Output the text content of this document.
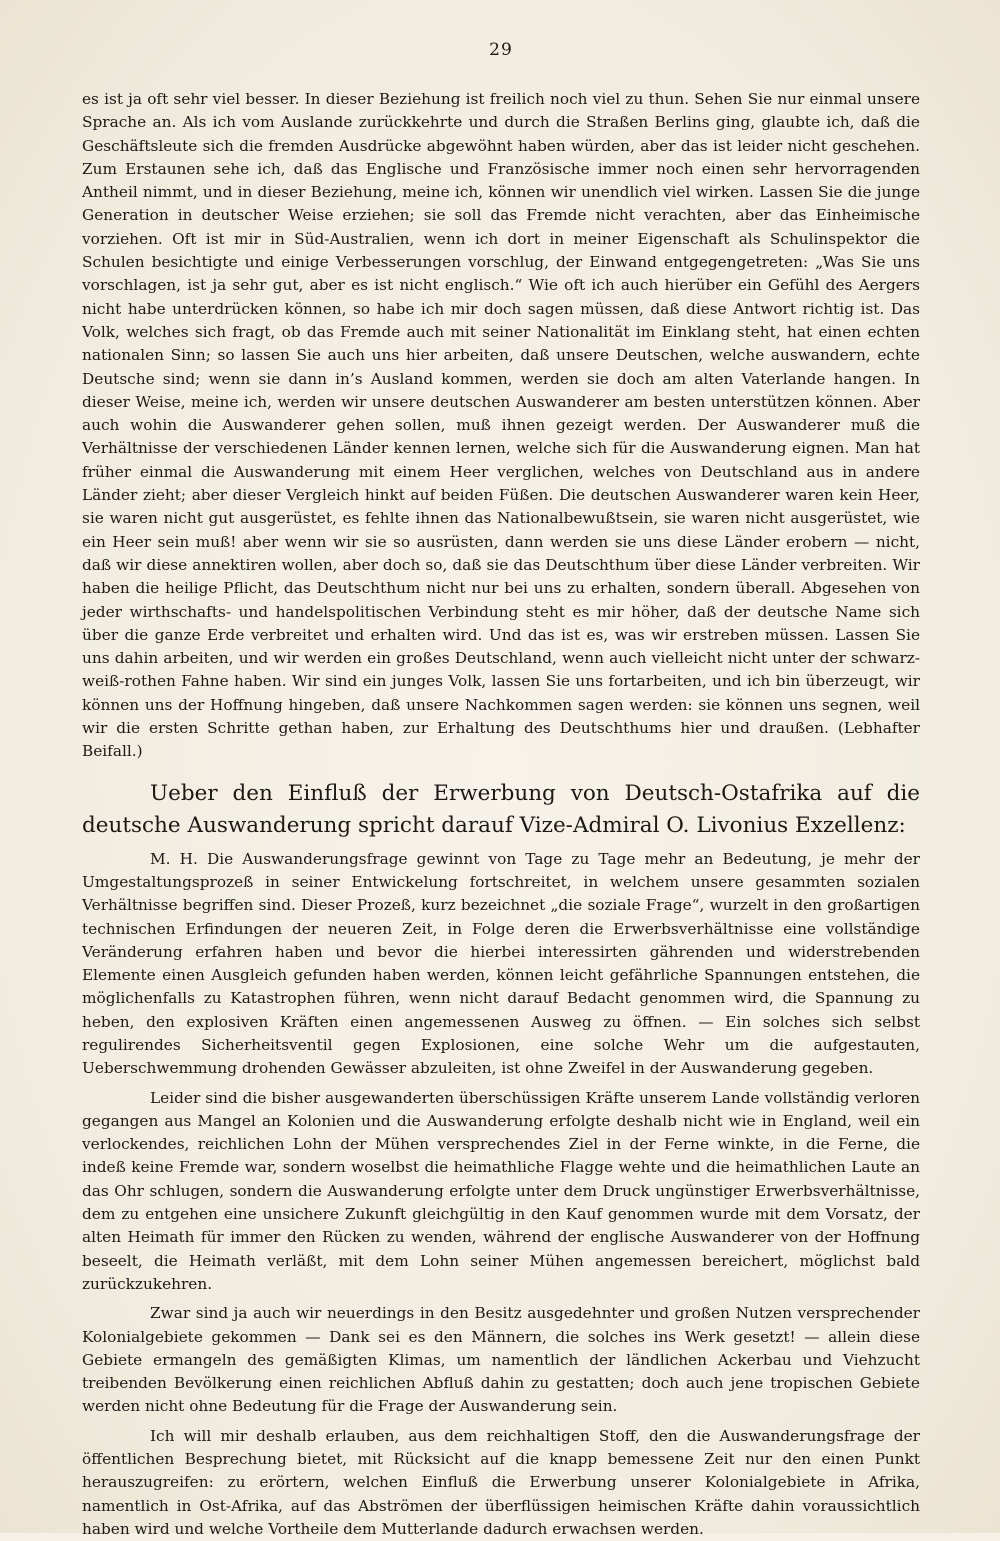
29

es ist ja oft sehr viel besser. In dieser Beziehung ist freilich noch viel zu thun. Sehen Sie nur einmal unsere Sprache an. Als ich vom Auslande zurückkehrte und durch die Straßen Berlins ging, glaubte ich, daß die Geschäftsleute sich die fremden Ausdrücke abgewöhnt haben würden, aber das ist leider nicht geschehen. Zum Erstaunen sehe ich, daß das Englische und Französische immer noch einen sehr hervorragenden Antheil nimmt, und in dieser Beziehung, meine ich, können wir unendlich viel wirken. Lassen Sie die junge Generation in deutscher Weise erziehen; sie soll das Fremde nicht verachten, aber das Einheimische vorziehen. Oft ist mir in Süd-Australien, wenn ich dort in meiner Eigenschaft als Schulinspektor die Schulen besichtigte und einige Verbesserungen vorschlug, der Einwand entgegengetreten: „Was Sie uns vorschlagen, ist ja sehr gut, aber es ist nicht englisch.“ Wie oft ich auch hierüber ein Gefühl des Aergers nicht habe unterdrücken können, so habe ich mir doch sagen müssen, daß diese Antwort richtig ist. Das Volk, welches sich fragt, ob das Fremde auch mit seiner Nationalität im Einklang steht, hat einen echten nationalen Sinn; so lassen Sie auch uns hier arbeiten, daß unsere Deutschen, welche auswandern, echte Deutsche sind; wenn sie dann in’s Ausland kommen, werden sie doch am alten Vaterlande hangen. In dieser Weise, meine ich, werden wir unsere deutschen Auswanderer am besten unterstützen können. Aber auch wohin die Auswanderer gehen sollen, muß ihnen gezeigt werden. Der Auswanderer muß die Verhältnisse der verschiedenen Länder kennen lernen, welche sich für die Auswanderung eignen. Man hat früher einmal die Auswanderung mit einem Heer verglichen, welches von Deutschland aus in andere Länder zieht; aber dieser Vergleich hinkt auf beiden Füßen. Die deutschen Auswanderer waren kein Heer, sie waren nicht gut ausgerüstet, es fehlte ihnen das Nationalbewußtsein, sie waren nicht ausgerüstet, wie ein Heer sein muß! aber wenn wir sie so ausrüsten, dann werden sie uns diese Länder erobern — nicht, daß wir diese annektiren wollen, aber doch so, daß sie das Deutschthum über diese Länder verbreiten. Wir haben die heilige Pflicht, das Deutschthum nicht nur bei uns zu erhalten, sondern überall. Abgesehen von jeder wirthschafts- und handelspolitischen Verbindung steht es mir höher, daß der deutsche Name sich über die ganze Erde verbreitet und erhalten wird. Und das ist es, was wir erstreben müssen. Lassen Sie uns dahin arbeiten, und wir werden ein großes Deutschland, wenn auch vielleicht nicht unter der schwarz-weiß-rothen Fahne haben. Wir sind ein junges Volk, lassen Sie uns fortarbeiten, und ich bin überzeugt, wir können uns der Hoffnung hingeben, daß unsere Nachkommen sagen werden: sie können uns segnen, weil wir die ersten Schritte gethan haben, zur Erhaltung des Deutschthums hier und draußen. (Lebhafter Beifall.)

Ueber den Einfluß der Erwerbung von Deutsch-Ostafrika auf die deutsche Auswanderung spricht darauf Vize-Admiral O. Livonius Exzellenz:

M. H. Die Auswanderungsfrage gewinnt von Tage zu Tage mehr an Bedeutung, je mehr der Umgestaltungsprozeß in seiner Entwickelung fortschreitet, in welchem unsere gesammten sozialen Verhältnisse begriffen sind. Dieser Prozeß, kurz bezeichnet „die soziale Frage“, wurzelt in den großartigen technischen Erfindungen der neueren Zeit, in Folge deren die Erwerbsverhältnisse eine vollständige Veränderung erfahren haben und bevor die hierbei interessirten gährenden und widerstrebenden Elemente einen Ausgleich gefunden haben werden, können leicht gefährliche Spannungen entstehen, die möglichenfalls zu Katastrophen führen, wenn nicht darauf Bedacht genommen wird, die Spannung zu heben, den explosiven Kräften einen angemessenen Ausweg zu öffnen. — Ein solches sich selbst regulirendes Sicherheitsventil gegen Explosionen, eine solche Wehr um die aufgestauten, Ueberschwemmung drohenden Gewässer abzuleiten, ist ohne Zweifel in der Auswanderung gegeben.

Leider sind die bisher ausgewanderten überschüssigen Kräfte unserem Lande vollständig verloren gegangen aus Mangel an Kolonien und die Auswanderung erfolgte deshalb nicht wie in England, weil ein verlockendes, reichlichen Lohn der Mühen versprechendes Ziel in der Ferne winkte, in die Ferne, die indeß keine Fremde war, sondern woselbst die heimathliche Flagge wehte und die heimathlichen Laute an das Ohr schlugen, sondern die Auswanderung erfolgte unter dem Druck ungünstiger Erwerbsverhältnisse, dem zu entgehen eine unsichere Zukunft gleichgültig in den Kauf genommen wurde mit dem Vorsatz, der alten Heimath für immer den Rücken zu wenden, während der englische Auswanderer von der Hoffnung beseelt, die Heimath verläßt, mit dem Lohn seiner Mühen angemessen bereichert, möglichst bald zurückzukehren.

Zwar sind ja auch wir neuerdings in den Besitz ausgedehnter und großen Nutzen versprechender Kolonialgebiete gekommen — Dank sei es den Männern, die solches ins Werk gesetzt! — allein diese Gebiete ermangeln des gemäßigten Klimas, um namentlich der ländlichen Ackerbau und Viehzucht treibenden Bevölkerung einen reichlichen Abfluß dahin zu gestatten; doch auch jene tropischen Gebiete werden nicht ohne Bedeutung für die Frage der Auswanderung sein.

Ich will mir deshalb erlauben, aus dem reichhaltigen Stoff, den die Auswanderungsfrage der öffentlichen Besprechung bietet, mit Rücksicht auf die knapp bemessene Zeit nur den einen Punkt herauszugreifen: zu erörtern, welchen Einfluß die Erwerbung unserer Kolonialgebiete in Afrika, namentlich in Ost-Afrika, auf das Abströmen der überflüssigen heimischen Kräfte dahin voraussichtlich haben wird und welche Vortheile dem Mutterlande dadurch erwachsen werden.
